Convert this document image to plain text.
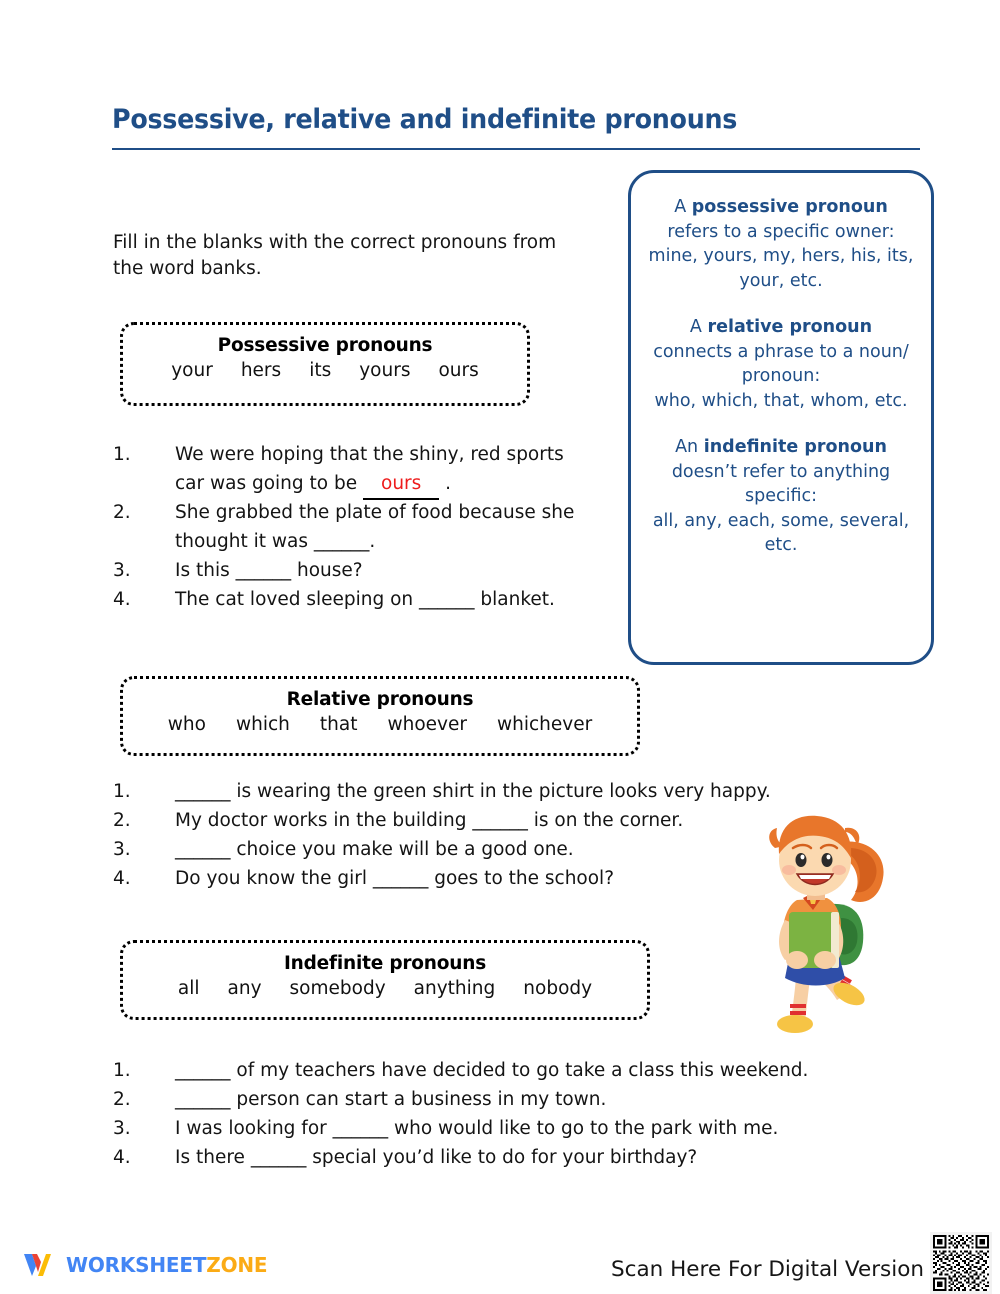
Possessive, relative and indefinite pronouns
Fill in the blanks with the correct pronouns from the word banks.
A possessive pronoun
refers to a specific owner:
mine, yours, my, hers, his, its, your, etc.
A relative pronoun
connects a phrase to a noun/ pronoun:
who, which, that, whom, etc.
An indefinite pronoun
doesn’t refer to anything specific:
all, any, each, some, several, etc.
Possessive pronouns
your hers its yours ours
1.	We were hoping that the shiny, red sports car was going to be ours
.
2.	She grabbed the plate of food because she thought it was ______.
3.	Is this ______ house?
4.	The cat loved sleeping on ______ blanket.
Relative pronouns
who which that whoever whichever
1.	______ is wearing the green shirt in the picture looks very happy.
2.	My doctor works in the building ______ is on the corner.
3.	______ choice you make will be a good one.
4.	Do you know the girl ______ goes to the school?
Indefinite pronouns
all any somebody anything nobody
1.	______ of my teachers have decided to go take a class this weekend.
2.	______ person can start a business in my town.
3.	I was looking for ______ who would like to go to the park with me.
4.	Is there ______ special you’d like to do for your birthday?
WORKSHEETZONE	Scan Here For Digital Version
